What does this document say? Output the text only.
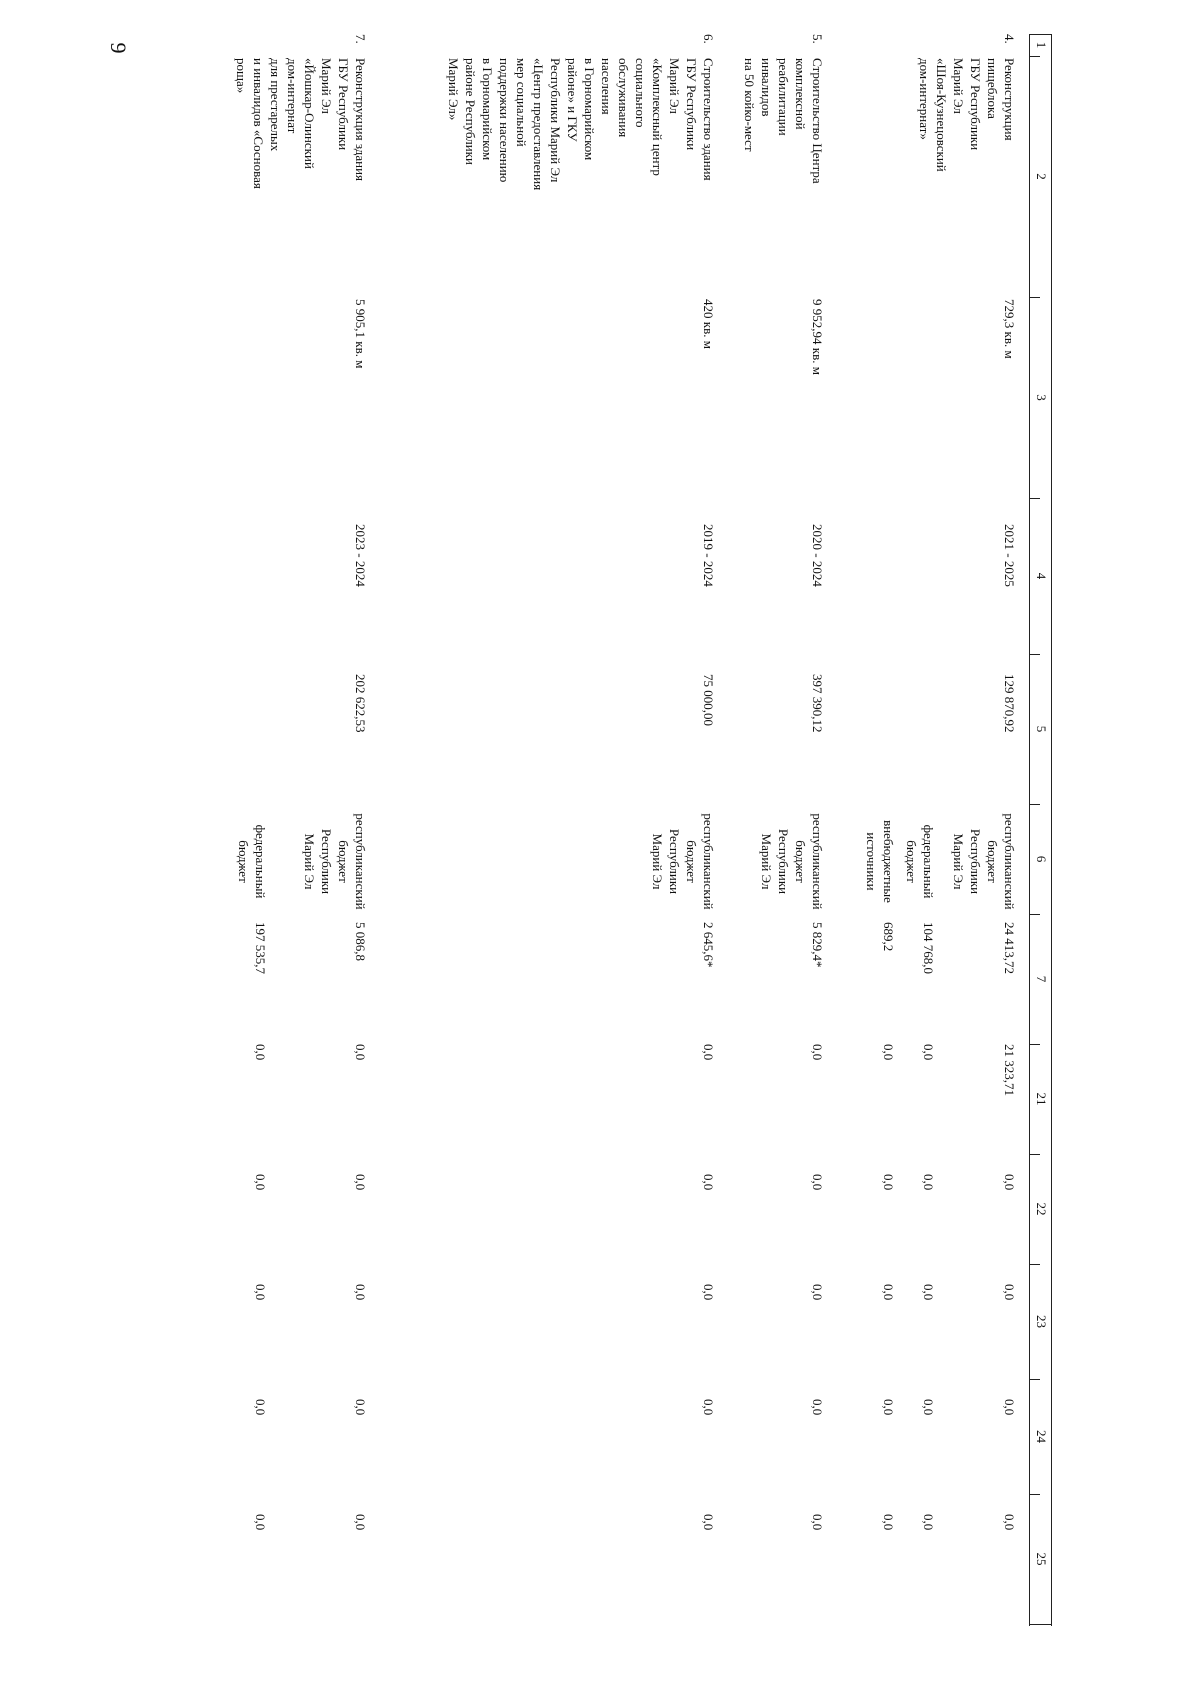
9	1
2
3
4
5
6
7
21
22
23
24
25
4.
Реконструкция
пищеблока
ГБУ Республики
Марий Эл
«Шоя-Кузнецовский
дом-интернат»
729,3 кв. м
2021 - 2025
129 870,92
республиканский
бюджет
Республики
Марий Эл
24 413,72
21 323,71
0,0
0,0
0,0
0,0
федеральный
бюджет
104 768,0
0,0
0,0
0,0
0,0
0,0
внебюджетные
источники
689,2
0,0
0,0
0,0
0,0
0,0
5.
Строительство Центра
комплексной
реабилитации
инвалидов
на 50 койко-мест
9 952,94 кв. м
2020 - 2024
397 390,12
республиканский
бюджет
Республики
Марий Эл
5 829,4*
0,0
0,0
0,0
0,0
0,0
6.
Строительство здания
ГБУ Республики
Марий Эл
«Комплексный центр
социального
обслуживания
населения
в Горномарийском
районе» и ГКУ
Республики Марий Эл
«Центр предоставления
мер социальной
поддержки населению
в Горномарийском
районе Республики
Марий Эл»
420 кв. м
2019 - 2024
75 000,00
республиканский
бюджет
Республики
Марий Эл
2 645,6*
0,0
0,0
0,0
0,0
0,0
7.
Реконструкция здания
ГБУ Республики
Марий Эл
«Йошкар-Олинский
дом-интернат
для престарелых
и инвалидов «Сосновая
роща»
5 905,1 кв. м
2023 - 2024
202 622,53
республиканский
бюджет
Республики
Марий Эл
5 086,8
0,0
0,0
0,0
0,0
0,0
федеральный
бюджет
197 535,7
0,0
0,0
0,0
0,0
0,0
